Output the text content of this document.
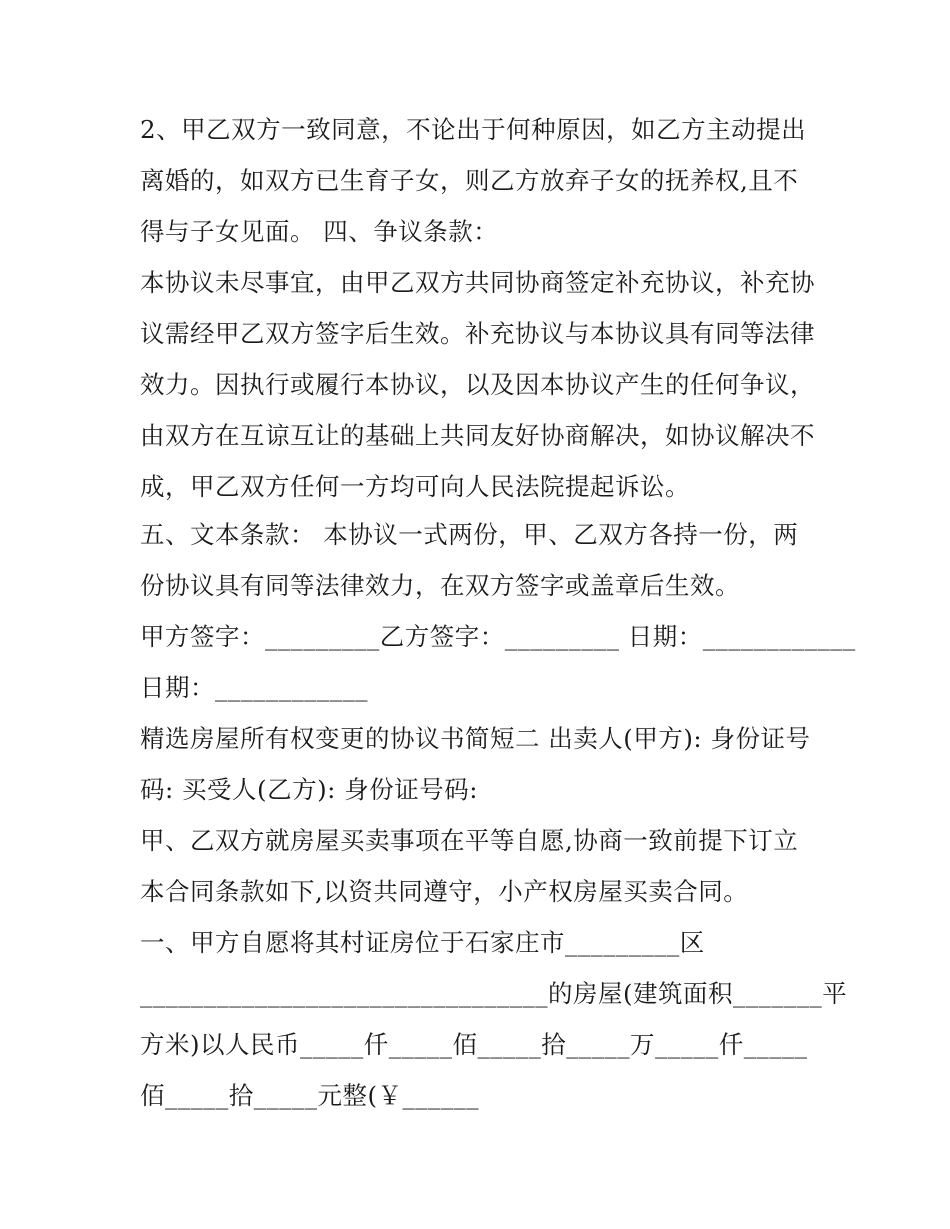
2、甲乙双方一致同意，不论出于何种原因，如乙方主动提出
离婚的，如双方已生育子女，则乙方放弃子女的抚养权,且不
得与子女见面。 四、争议条款：
本协议未尽事宜，由甲乙双方共同协商签定补充协议，补充协
议需经甲乙双方签字后生效。补充协议与本协议具有同等法律
效力。因执行或履行本协议，以及因本协议产生的任何争议，
由双方在互谅互让的基础上共同友好协商解决，如协议解决不
成，甲乙双方任何一方均可向人民法院提起诉讼。
五、文本条款： 本协议一式两份，甲、乙双方各持一份，两
份协议具有同等法律效力，在双方签字或盖章后生效。
甲方签字：_________乙方签字：_________ 日期：____________
日期：____________
精选房屋所有权变更的协议书简短二 出卖人(甲方): 身份证号
码: 买受人(乙方): 身份证号码:
甲、乙双方就房屋买卖事项在平等自愿,协商一致前提下订立
本合同条款如下,以资共同遵守，小产权房屋买卖合同。
一、甲方自愿将其村证房位于石家庄市_________区
________________________________的房屋(建筑面积_______平
方米)以人民币_____仟_____佰_____拾_____万_____仟_____
佰_____拾_____元整(￥______
